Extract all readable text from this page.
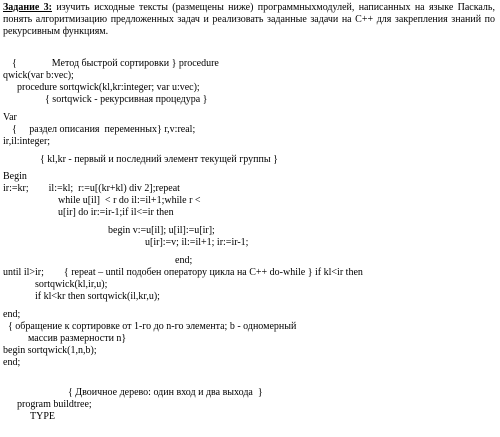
Задание 3: изучить исходные тексты (размещены ниже) программныхмодулей, написанных на языке Паскаль, понять алгоритмизацию предложенных задач и реализовать заданные задачи на С++ для закрепления знаний по рекурсивным функциям.
{              Метод быстрой сортировки } procedure
qwick(var b:vec);
procedure sortqwick(kl,kr:integer; var u:vec);
{ sortqwick - рекурсивная процедура }
Var
{     раздел описания  переменных} r,v:real;
ir,il:integer;
{ kl,kr - первый и последний элемент текущей группы }
Begin
ir:=kr;        il:=kl;  r:=u[(kr+kl) div 2];repeat
while u[il]  < r do il:=il+1;while r <
u[ir] do ir:=ir-1;if il<=ir then
begin v:=u[il]; u[il]:=u[ir];
u[ir]:=v; il:=il+1; ir:=ir-1;
end;
until il>ir;        { repeat – until подобен оператору цикла на С++ do-while } if kl<ir then
sortqwick(kl,ir,u);
if kl<kr then sortqwick(il,kr,u);
end;
{ обращение к сортировке от 1-го до n-го элемента; b - одномерный
массив размерности n}
begin sortqwick(1,n,b);
end;
{ Двоичное дерево: один вход и два выхода  }
program buildtree;
TYPE
